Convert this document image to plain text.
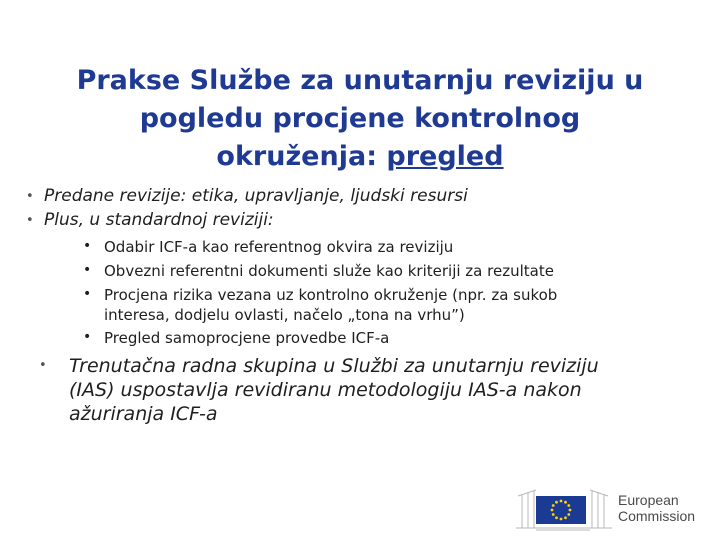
Prakse Službe za unutarnju reviziju u
pogledu procjene kontrolnog
okruženja: pregled
• Predane revizije: etika, upravljanje, ljudski resursi
• Plus, u standardnoj reviziji:
• Odabir ICF-a kao referentnog okvira za reviziju
• Obvezni referentni dokumenti služe kao kriteriji za rezultate
• Procjena rizika vezana uz kontrolno okruženje (npr. za sukob
interesa, dodjelu ovlasti, načelo „tona na vrhu”)
• Pregled samoprocjene provedbe ICF-a
• Trenutačna radna skupina u Službi za unutarnju reviziju
(IAS) uspostavlja revidiranu metodologiju IAS-a nakon
ažuriranja ICF-a
European
Commission
